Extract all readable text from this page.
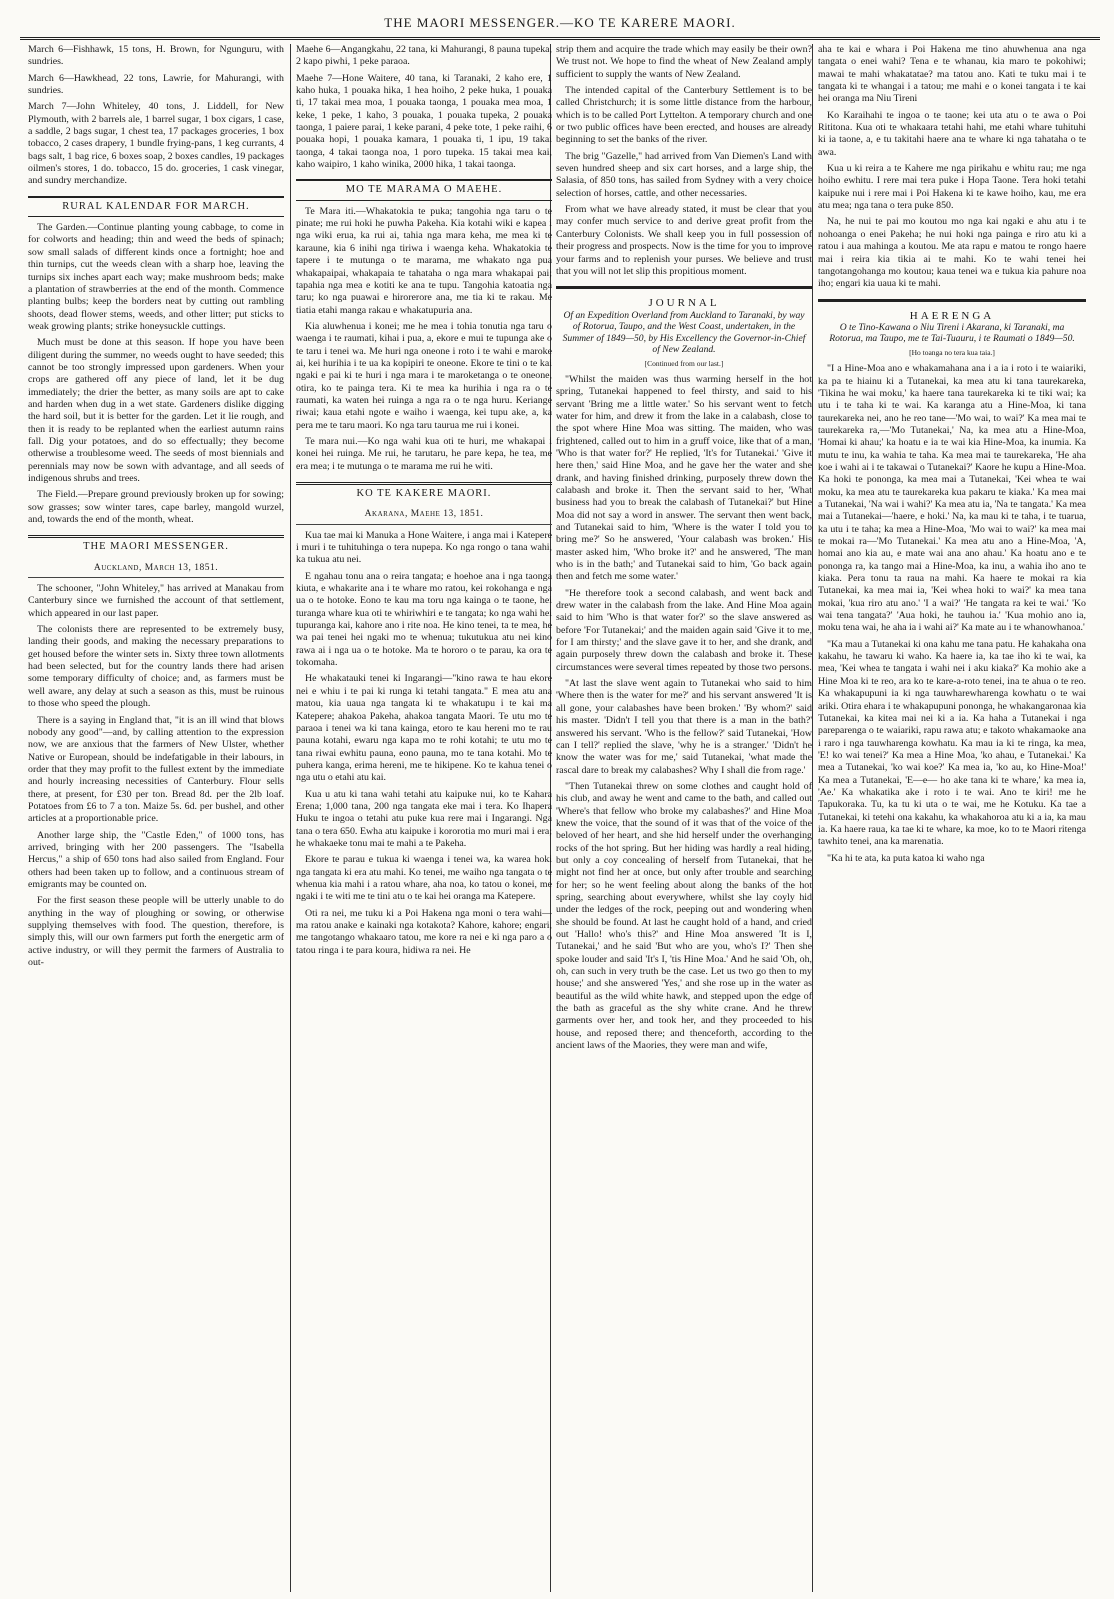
THE MAORI MESSENGER.—KO TE KARERE MAORI.

March 6—Fishhawk, 15 tons, H. Brown, for Ngunguru, with sundries.

March 6—Hawkhead, 22 tons, Lawrie, for Mahurangi, with sundries.

March 7—John Whiteley, 40 tons, J. Liddell, for New Plymouth, with 2 barrels ale, 1 barrel sugar, 1 box cigars, 1 case, a saddle, 2 bags sugar, 1 chest tea, 17 packages groceries, 1 box tobacco, 2 cases drapery, 1 bundle frying-pans, 1 keg currants, 4 bags salt, 1 bag rice, 6 boxes soap, 2 boxes candles, 19 packages oilmen's stores, 1 do. tobacco, 15 do. groceries, 1 cask vinegar, and sundry merchandize.

RURAL KALENDAR FOR MARCH.

The Garden.—Continue planting young cabbage, to come in for colworts and heading; thin and weed the beds of spinach; sow small salads of different kinds once a fortnight; hoe and thin turnips, cut the weeds clean with a sharp hoe, leaving the turnips six inches apart each way; make mushroom beds; make a plantation of strawberries at the end of the month. Commence planting bulbs; keep the borders neat by cutting out rambling shoots, dead flower stems, weeds, and other litter; put sticks to weak growing plants; strike honeysuckle cuttings.

Much must be done at this season. If hope you have been diligent during the summer, no weeds ought to have seeded; this cannot be too strongly impressed upon gardeners. When your crops are gathered off any piece of land, let it be dug immediately; the drier the better, as many soils are apt to cake and harden when dug in a wet state. Gardeners dislike digging the hard soil, but it is better for the garden. Let it lie rough, and then it is ready to be replanted when the earliest autumn rains fall. Dig your potatoes, and do so effectually; they become otherwise a troublesome weed. The seeds of most biennials and perennials may now be sown with advantage, and all seeds of indigenous shrubs and trees.

The Field.—Prepare ground previously broken up for sowing; sow grasses; sow winter tares, cape barley, mangold wurzel, and, towards the end of the month, wheat.

THE MAORI MESSENGER.
Auckland, March 13, 1851.

The schooner, "John Whiteley," has arrived at Manakau from Canterbury since we furnished the account of that settlement, which appeared in our last paper.

The colonists there are represented to be extremely busy, landing their goods, and making the necessary preparations to get housed before the winter sets in. Sixty three town allotments had been selected, but for the country lands there had arisen some temporary difficulty of choice; and, as farmers must be well aware, any delay at such a season as this, must be ruinous to those who speed the plough.

There is a saying in England that, "it is an ill wind that blows nobody any good"—and, by calling attention to the expression now, we are anxious that the farmers of New Ulster, whether Native or European, should be indefatigable in their labours, in order that they may profit to the fullest extent by the immediate and hourly increasing necessities of Canterbury. Flour sells there, at present, for £30 per ton. Bread 8d. per the 2lb loaf. Potatoes from £6 to 7 a ton. Maize 5s. 6d. per bushel, and other articles at a proportionable price.

Another large ship, the "Castle Eden," of 1000 tons, has arrived, bringing with her 200 passengers. The "Isabella Hercus," a ship of 650 tons had also sailed from England. Four others had been taken up to follow, and a continuous stream of emigrants may be counted on.

For the first season these people will be utterly unable to do anything in the way of ploughing or sowing, or otherwise supplying themselves with food. The question, therefore, is simply this, will our own farmers put forth the energetic arm of active industry, or will they permit the farmers of Australia to out-

Maehe 6—Angangkahu, 22 tana, ki Mahurangi, 8 pauna tupeka, 2 kapo piwhi, 1 peke paraoa.

Maehe 7—Hone Waitere, 40 tana, ki Taranaki, 2 kaho ere, 1 kaho huka, 1 pouaka hika, 1 hea hoiho, 2 peke huka, 1 pouaka ti, 17 takai mea moa, 1 pouaka taonga, 1 pouaka mea moa, 1 keke, 1 peke, 1 kaho, 3 pouaka, 1 pouaka tupeka, 2 pouaka taonga, 1 paiere parai, 1 keke parani, 4 peke tote, 1 peke raihi, 6 pouaka hopi, 1 pouaka kamara, 1 pouaka ti, 1 ipu, 19 takai taonga, 4 takai taonga noa, 1 poro tupeka. 15 takai mea kai, kaho waipiro, 1 kaho winika, 2000 hika, 1 takai taonga.

MO TE MARAMA O MAEHE.

Te Mara iti.—Whakatokia te puka; tangohia nga taru o te pinate; me rui hoki he puwha Pakeha. Kia kotahi wiki e kapea i nga wiki erua, ka rui ai, tahia nga mara keha, me mea ki te karaune, kia 6 inihi nga tiriwa i waenga keha. Whakatokia te tapere i te mutunga o te marama, me whakato nga pua whakapaipai, whakapaia te tahataha o nga mara whakapai pai; tapahia nga mea e kotiti ke ana te tupu. Tangohia katoatia nga taru; ko nga puawai e hirorerore ana, me tia ki te rakau. Me tiatia etahi manga rakau e whakatupuria ana.

Kia aluwhenua i konei; me he mea i tohia tonutia nga taru o waenga i te raumati, kihai i pua, a, ekore e mui te tupunga ake o te taru i tenei wa. Me huri nga oneone i roto i te wahi e maroke ai, kei hurihia i te ua ka kopipiri te oneone. Ekore te tini o te kai ngaki e pai ki te huri i nga mara i te maroketanga o te oneone, otira, ko te painga tera. Ki te mea ka hurihia i nga ra o te raumati, ka waten hei ruinga a nga ra o te nga huru. Keriange riwai; kaua etahi ngote e waiho i waenga, kei tupu ake, a, ka pera me te taru maori. Ko nga taru taurua me rui i konei.

Te mara nui.—Ko nga wahi kua oti te huri, me whakapai i konei hei ruinga. Me rui, he tarutaru, he pare kepa, he tea, me era mea; i te mutunga o te marama me rui he witi.

KO TE KAKERE MAORI.
Akarana, Maehe 13, 1851.

Kua tae mai ki Manuka a Hone Waitere, i anga mai i Katepere i muri i te tuhituhinga o tera nupepa. Ko nga rongo o tana wahi, ka tukua atu nei.

E ngahau tonu ana o reira tangata; e hoehoe ana i nga taonga kiuta, e whakarite ana i te whare mo ratou, kei rokohanga e nga ua o te hotoke. Eono te kau ma toru nga kainga o te taone, hei turanga whare kua oti te whiriwhiri e te tangata; ko nga wahi hei tupuranga kai, kahore ano i rite noa. He kino tenei, ta te mea, he wa pai tenei hei ngaki mo te whenua; tukutukua atu nei kino rawa ai i nga ua o te hotoke. Ma te hororo o te parau, ka ora te tokomaha.

He whakatauki tenei ki Ingarangi—"kino rawa te hau ekore nei e whiu i te pai ki runga ki tetahi tangata." E mea atu ana matou, kia uaua nga tangata ki te whakatupu i te kai ma Katepere; ahakoa Pakeha, ahakoa tangata Maori. Te utu mo te paraoa i tenei wa ki tana kainga, etoro te kau hereni mo te rau pauna kotahi, ewaru nga kapa mo te rohi kotahi; te utu mo te tana riwai ewhitu pauna, eono pauna, mo te tana kotahi. Mo te puhera kanga, erima hereni, me te hikipene. Ko te kahua tenei o nga utu o etahi atu kai.

Kua u atu ki tana wahi tetahi atu kaipuke nui, ko te Kahara Erena; 1,000 tana, 200 nga tangata eke mai i tera. Ko Ihapera Huku te ingoa o tetahi atu puke kua rere mai i Ingarangi. Nga tana o tera 650. Ewha atu kaipuke i kororotia mo muri mai i era; he whakaeke tonu mai te mahi a te Pakeha.

Ekore te parau e tukua ki waenga i tenei wa, ka warea hoki nga tangata ki era atu mahi. Ko tenei, me waiho nga tangata o te whenua kia mahi i a ratou whare, aha noa, ko tatou o konei, me ngaki i te witi me te tini atu o te kai hei oranga ma Katepere.

Oti ra nei, me tuku ki a Poi Hakena nga moni o tera wahi—ma ratou anake e kainaki nga kotakota? Kahore, kahore; engari, me tangotango whakaaro tatou, me kore ra nei e ki nga paro a o tatou ringa i te para koura, hidiwa ra nei. He

strip them and acquire the trade which may easily be their own? We trust not. We hope to find the wheat of New Zealand amply sufficient to supply the wants of New Zealand.

The intended capital of the Canterbury Settlement is to be called Christchurch; it is some little distance from the harbour, which is to be called Port Lyttelton. A temporary church and one or two public offices have been erected, and houses are already beginning to set the banks of the river.

The brig "Gazelle," had arrived from Van Diemen's Land with seven hundred sheep and six cart horses, and a large ship, the Salasia, of 850 tons, has sailed from Sydney with a very choice selection of horses, cattle, and other necessaries.

From what we have already stated, it must be clear that you may confer much service to and derive great profit from the Canterbury Colonists. We shall keep you in full possession of their progress and prospects. Now is the time for you to improve your farms and to replenish your purses. We believe and trust that you will not let slip this propitious moment.

JOURNAL
Of an Expedition Overland from Auckland to Taranaki, by way of Rotorua, Taupo, and the West Coast, undertaken, in the Summer of 1849—50, by His Excellency the Governor-in-Chief of New Zealand.
[Continued from our last.]

"Whilst the maiden was thus warming herself in the hot spring, Tutanekai happened to feel thirsty, and said to his servant 'Bring me a little water.' So his servant went to fetch water for him, and drew it from the lake in a calabash, close to the spot where Hine Moa was sitting. The maiden, who was frightened, called out to him in a gruff voice, like that of a man, 'Who is that water for?' He replied, 'It's for Tutanekai.' 'Give it here then,' said Hine Moa, and he gave her the water and she drank, and having finished drinking, purposely threw down the calabash and broke it. Then the servant said to her, 'What business had you to break the calabash of Tutanekai?' but Hine Moa did not say a word in answer. The servant then went back, and Tutanekai said to him, 'Where is the water I told you to bring me?' So he answered, 'Your calabash was broken.' His master asked him, 'Who broke it?' and he answered, 'The man who is in the bath;' and Tutanekai said to him, 'Go back again then and fetch me some water.'

"He therefore took a second calabash, and went back and drew water in the calabash from the lake. And Hine Moa again said to him 'Who is that water for?' so the slave answered as before 'For Tutanekai;' and the maiden again said 'Give it to me, for I am thirsty;' and the slave gave it to her, and she drank, and again purposely threw down the calabash and broke it. These circumstances were several times repeated by those two persons.

"At last the slave went again to Tutanekai who said to him 'Where then is the water for me?' and his servant answered 'It is all gone, your calabashes have been broken.' 'By whom?' said his master. 'Didn't I tell you that there is a man in the bath?' answered his servant. 'Who is the fellow?' said Tutanekai, 'How can I tell?' replied the slave, 'why he is a stranger.' 'Didn't he know the water was for me,' said Tutanekai, 'what made the rascal dare to break my calabashes? Why I shall die from rage.'

"Then Tutanekai threw on some clothes and caught hold of his club, and away he went and came to the bath, and called out 'Where's that fellow who broke my calabashes?' and Hine Moa knew the voice, that the sound of it was that of the voice of the beloved of her heart, and she hid herself under the overhanging rocks of the hot spring. But her hiding was hardly a real hiding, but only a coy concealing of herself from Tutanekai, that he might not find her at once, but only after trouble and searching for her; so he went feeling about along the banks of the hot spring, searching about everywhere, whilst she lay coyly hid under the ledges of the rock, peeping out and wondering when she should be found. At last he caught hold of a hand, and cried out 'Hallo! who's this?' and Hine Moa answered 'It is I, Tutanekai,' and he said 'But who are you, who's I?' Then she spoke louder and said 'It's I, 'tis Hine Moa.' And he said 'Oh, oh, oh, can such in very truth be the case. Let us two go then to my house;' and she answered 'Yes,' and she rose up in the water as beautiful as the wild white hawk, and stepped upon the edge of the bath as graceful as the shy white crane. And he threw garments over her, and took her, and they proceeded to his house, and reposed there; and thenceforth, according to the ancient laws of the Maories, they were man and wife,

aha te kai e whara i Poi Hakena me tino ahuwhenua ana nga tangata o enei wahi? Tena e te whanau, kia maro te pokohiwi; mawai te mahi whakatatae? ma tatou ano. Kati te tuku mai i te tangata ki te whangai i a tatou; me mahi e o konei tangata i te kai hei oranga ma Niu Tireni

Ko Karaihahi te ingoa o te taone; kei uta atu o te awa o Poi Rititona. Kua oti te whakaara tetahi hahi, me etahi whare tuhituhi ki ia taone, a, e tu takitahi haere ana te whare ki nga tahataha o te awa.

Kua u ki reira a te Kahere me nga pirikahu e whitu rau; me nga hoiho ewhitu. I rere mai tera puke i Hopa Taone. Tera hoki tetahi kaipuke nui i rere mai i Poi Hakena ki te kawe hoiho, kau, me era atu mea; nga tana o tera puke 850.

Na, he nui te pai mo koutou mo nga kai ngaki e ahu atu i te nohoanga o enei Pakeha; he nui hoki nga painga e riro atu ki a ratou i aua mahinga a koutou. Me ata rapu e matou te rongo haere mai i reira kia tikia ai te mahi. Ko te wahi tenei hei tangotangohanga mo koutou; kaua tenei wa e tukua kia pahure noa iho; engari kia uaua ki te mahi.

HAERENGA
O te Tino-Kawana o Niu Tireni i Akarana, ki Taranaki, ma Rotorua, ma Taupo, me te Tai-Tuauru, i te Raumati o 1849—50.
[Ho toanga no tera kua taia.]

"I a Hine-Moa ano e whakamahana ana i a ia i roto i te waiariki, ka pa te hiainu ki a Tutanekai, ka mea atu ki tana taurekareka, 'Tikina he wai moku,' ka haere tana taurekareka ki te tiki wai; ka utu i te taha ki te wai. Ka karanga atu a Hine-Moa, ki tana taurekareka nei, ano he reo tane—'Mo wai, to wai?' Ka mea mai te taurekareka ra,—'Mo Tutanekai,' Na, ka mea atu a Hine-Moa, 'Homai ki ahau;' ka hoatu e ia te wai kia Hine-Moa, ka inumia. Ka mutu te inu, ka wahia te taha. Ka mea mai te taurekareka, 'He aha koe i wahi ai i te takawai o Tutanekai?' Kaore he kupu a Hine-Moa. Ka hoki te pononga, ka mea mai a Tutanekai, 'Kei whea te wai moku, ka mea atu te taurekareka kua pakaru te kiaka.' Ka mea mai a Tutanekai, 'Na wai i wahi?' Ka mea atu ia, 'Na te tangata.' Ka mea mai a Tutanekai—'haere, e hoki.' Na, ka mau ki te taha, i te tuarua, ka utu i te taha; ka mea a Hine-Moa, 'Mo wai to wai?' ka mea mai te mokai ra—'Mo Tutanekai.' Ka mea atu ano a Hine-Moa, 'A, homai ano kia au, e mate wai ana ano ahau.' Ka hoatu ano e te pononga ra, ka tango mai a Hine-Moa, ka inu, a wahia iho ano te kiaka. Pera tonu ta raua na mahi. Ka haere te mokai ra kia Tutanekai, ka mea mai ia, 'Kei whea hoki to wai?' ka mea tana mokai, 'kua riro atu ano.' 'I a wai?' 'He tangata ra kei te wai.' 'Ko wai tena tangata?' 'Aua hoki, he tauhou ia.' 'Kua mohio ano ia, moku tena wai, he aha ia i wahi ai?' Ka mate au i te whanowhanoa.'

"Ka mau a Tutanekai ki ona kahu me tana patu. He kahakaha ona kakahu, he tawaru ki waho. Ka haere ia, ka tae iho ki te wai, ka mea, 'Kei whea te tangata i wahi nei i aku kiaka?' Ka mohio ake a Hine Moa ki te reo, ara ko te kare-a-roto tenei, ina te ahua o te reo. Ka whakapupuni ia ki nga tauwharewharenga kowhatu o te wai ariki. Otira ehara i te whakapupuni pononga, he whakangaronaa kia Tutanekai, ka kitea mai nei ki a ia. Ka haha a Tutanekai i nga pareparenga o te waiariki, rapu rawa atu; e takoto whakamaoke ana i raro i nga tauwharenga kowhatu. Ka mau ia ki te ringa, ka mea, 'E! ko wai tenei?' Ka mea a Hine Moa, 'ko ahau, e Tutanekai.' Ka mea a Tutanekai, 'ko wai koe?' Ka mea ia, 'ko au, ko Hine-Moa!' Ka mea a Tutanekai, 'E—e— ho ake tana ki te whare,' ka mea ia, 'Ae.' Ka whakatika ake i roto i te wai. Ano te kiri! me he Tapukoraka. Tu, ka tu ki uta o te wai, me he Kotuku. Ka tae a Tutanekai, ki tetehi ona kakahu, ka whakahoroa atu ki a ia, ka mau ia. Ka haere raua, ka tae ki te whare, ka moe, ko to te Maori ritenga tawhito tenei, ana ka marenatia.

"Ka hi te ata, ka puta katoa ki waho nga
